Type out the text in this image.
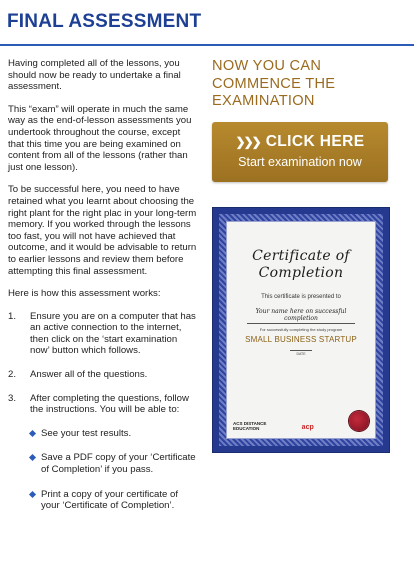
FINAL ASSESSMENT

Having completed all of the lessons, you should now be ready to undertake a final assessment.

This “exam” will operate in much the same way as the end-of-lesson assessments you undertook throughout the course, except that this time you are being examined on content from all of the lessons (rather than just one lesson).

To be successful here, you need to have retained what you learnt about choosing the right plant for the right plac in your long-term memory. If you worked through the lessons too fast, you will not have achieved that outcome, and it would be advisable to return to earlier lessons and review them before attempting this final assessment.

Here is how this assessment works:

1. Ensure you are on a computer that has an active connection to the internet, then click on the ‘start examination now’ button which follows.
2. Answer all of the questions.
3. After completing the questions, follow the instructions. You will be able to:
See your test results.
Save a PDF copy of your ‘Certificate of Completion’ if you pass.
Print a copy of your certificate of your ‘Certificate of Completion’.
NOW YOU CAN COMMENCE THE EXAMINATION
❯❯❯ CLICK HERE
Start examination now
Certificate of
Completion
This certificate is presented to
Your name here on successful completion
For successfully completing the study program
SMALL BUSINESS STARTUP
DATE
ACS DISTANCE
EDUCATION	acp
